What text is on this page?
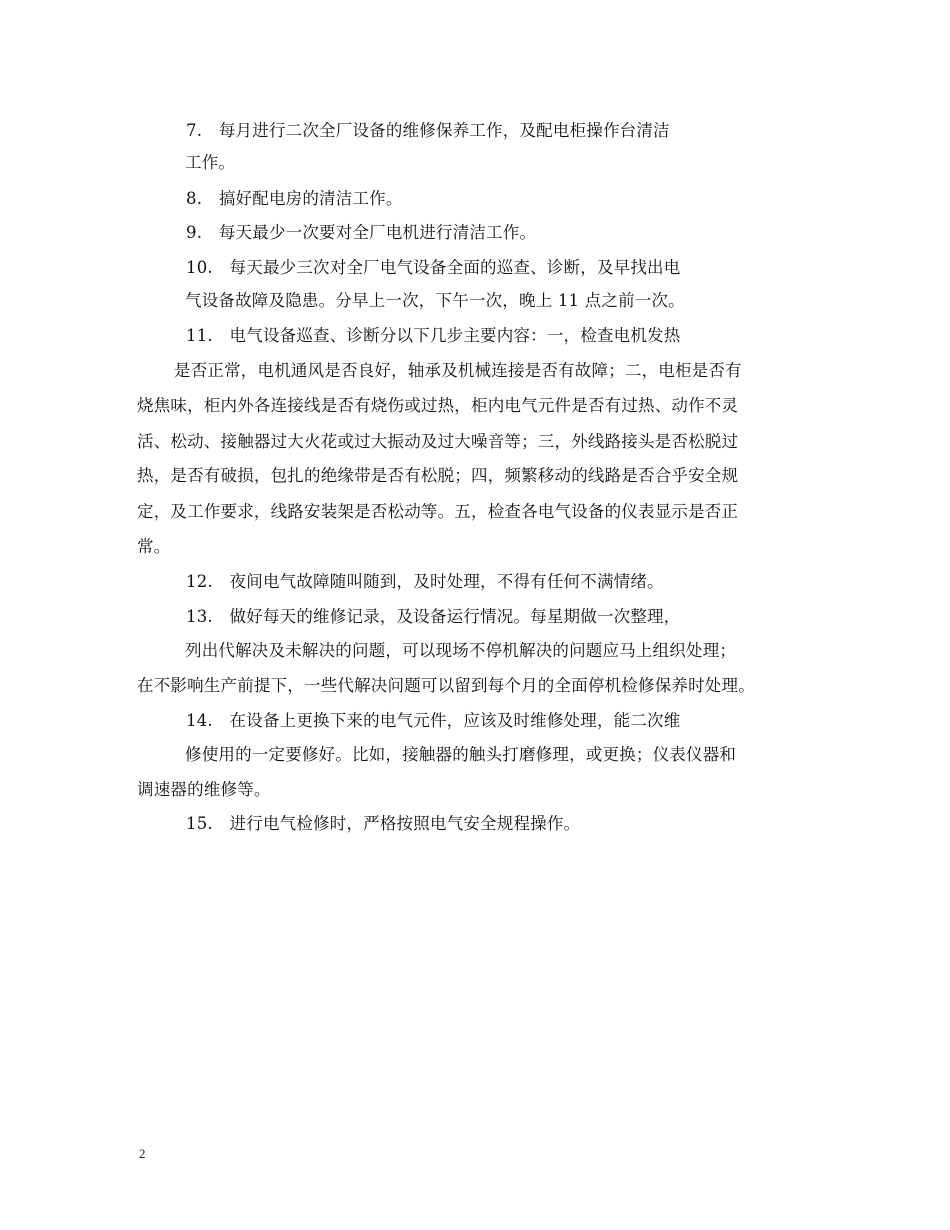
7.　每月进行二次全厂设备的维修保养工作，及配电柜操作台清洁
工作。
8.　搞好配电房的清洁工作。
9.　每天最少一次要对全厂电机进行清洁工作。
10.　每天最少三次对全厂电气设备全面的巡查、诊断，及早找出电
气设备故障及隐患。分早上一次，下午一次，晚上 11 点之前一次。
11.　电气设备巡查、诊断分以下几步主要内容：一，检查电机发热
是否正常，电机通风是否良好，轴承及机械连接是否有故障；二，电柜是否有
烧焦味，柜内外各连接线是否有烧伤或过热，柜内电气元件是否有过热、动作不灵
活、松动、接触器过大火花或过大振动及过大噪音等；三，外线路接头是否松脱过
热，是否有破损，包扎的绝缘带是否有松脱；四，频繁移动的线路是否合乎安全规
定，及工作要求，线路安装架是否松动等。五，检查各电气设备的仪表显示是否正
常。
12.　夜间电气故障随叫随到，及时处理，不得有任何不满情绪。
13.　做好每天的维修记录，及设备运行情况。每星期做一次整理，
列出代解决及未解决的问题，可以现场不停机解决的问题应马上组织处理；
在不影响生产前提下，一些代解决问题可以留到每个月的全面停机检修保养时处理。
14.　在设备上更换下来的电气元件，应该及时维修处理，能二次维
修使用的一定要修好。比如，接触器的触头打磨修理，或更换；仪表仪器和
调速器的维修等。
15.　进行电气检修时，严格按照电气安全规程操作。
2
